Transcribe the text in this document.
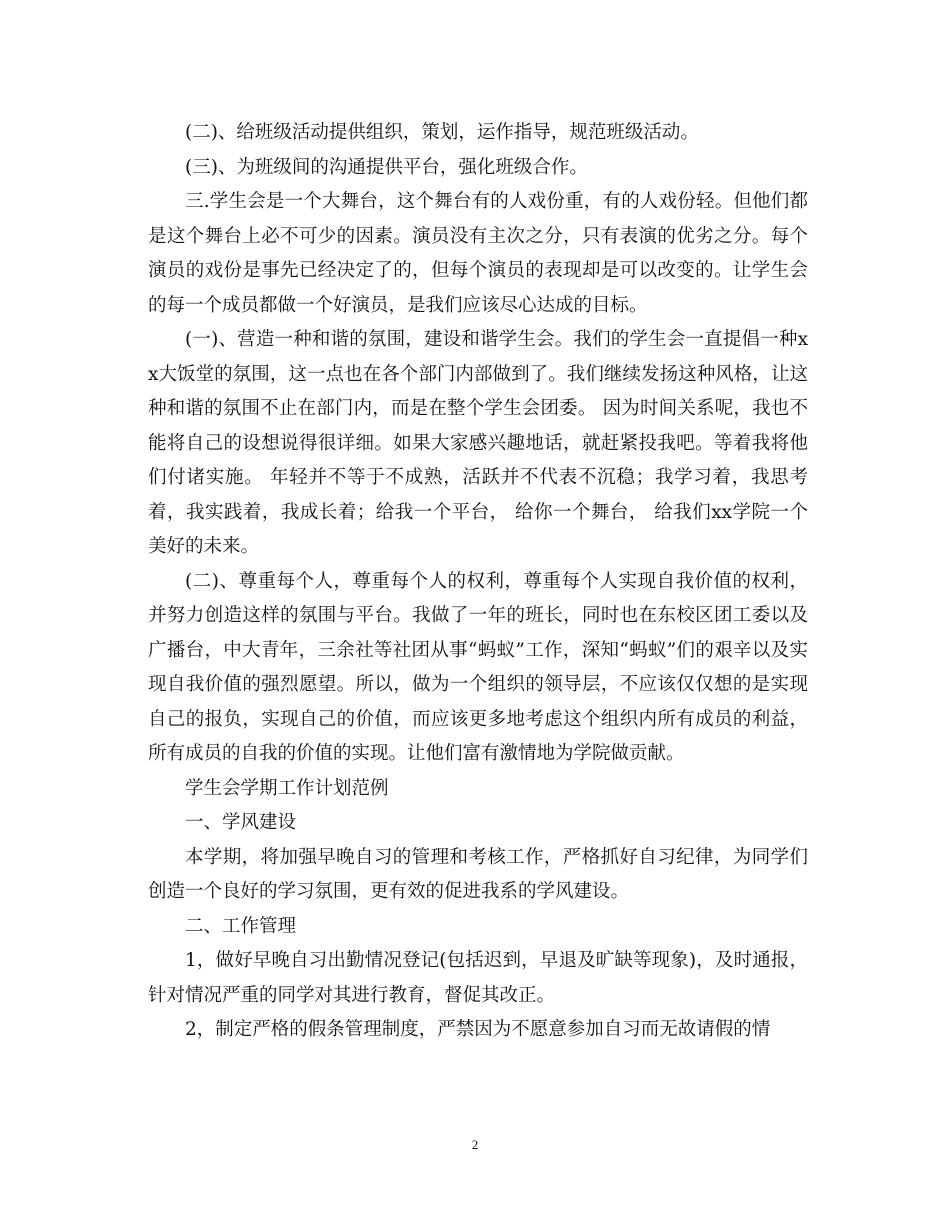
(二)、给班级活动提供组织，策划，运作指导，规范班级活动。

(三)、为班级间的沟通提供平台，强化班级合作。

三.学生会是一个大舞台，这个舞台有的人戏份重，有的人戏份轻。但他们都是这个舞台上必不可少的因素。演员没有主次之分，只有表演的优劣之分。每个演员的戏份是事先已经决定了的，但每个演员的表现却是可以改变的。让学生会的每一个成员都做一个好演员，是我们应该尽心达成的目标。

(一)、营造一种和谐的氛围，建设和谐学生会。我们的学生会一直提倡一种xx大饭堂的氛围，这一点也在各个部门内部做到了。我们继续发扬这种风格，让这种和谐的氛围不止在部门内，而是在整个学生会团委。 因为时间关系呢，我也不能将自己的设想说得很详细。如果大家感兴趣地话，就赶紧投我吧。等着我将他们付诸实施。 年轻并不等于不成熟，活跃并不代表不沉稳；我学习着，我思考着，我实践着，我成长着；给我一个平台， 给你一个舞台， 给我们xx学院一个美好的未来。

(二)、尊重每个人，尊重每个人的权利，尊重每个人实现自我价值的权利，并努力创造这样的氛围与平台。我做了一年的班长，同时也在东校区团工委以及广播台，中大青年，三余社等社团从事“蚂蚁”工作，深知“蚂蚁”们的艰辛以及实现自我价值的强烈愿望。所以，做为一个组织的领导层，不应该仅仅想的是实现自己的报负，实现自己的价值，而应该更多地考虑这个组织内所有成员的利益，所有成员的自我的价值的实现。让他们富有激情地为学院做贡献。

学生会学期工作计划范例

一、学风建设

本学期，将加强早晚自习的管理和考核工作，严格抓好自习纪律，为同学们创造一个良好的学习氛围，更有效的促进我系的学风建设。

二、工作管理

1，做好早晚自习出勤情况登记(包括迟到，早退及旷缺等现象)，及时通报，针对情况严重的同学对其进行教育，督促其改正。

2，制定严格的假条管理制度，严禁因为不愿意参加自习而无故请假的情

2
